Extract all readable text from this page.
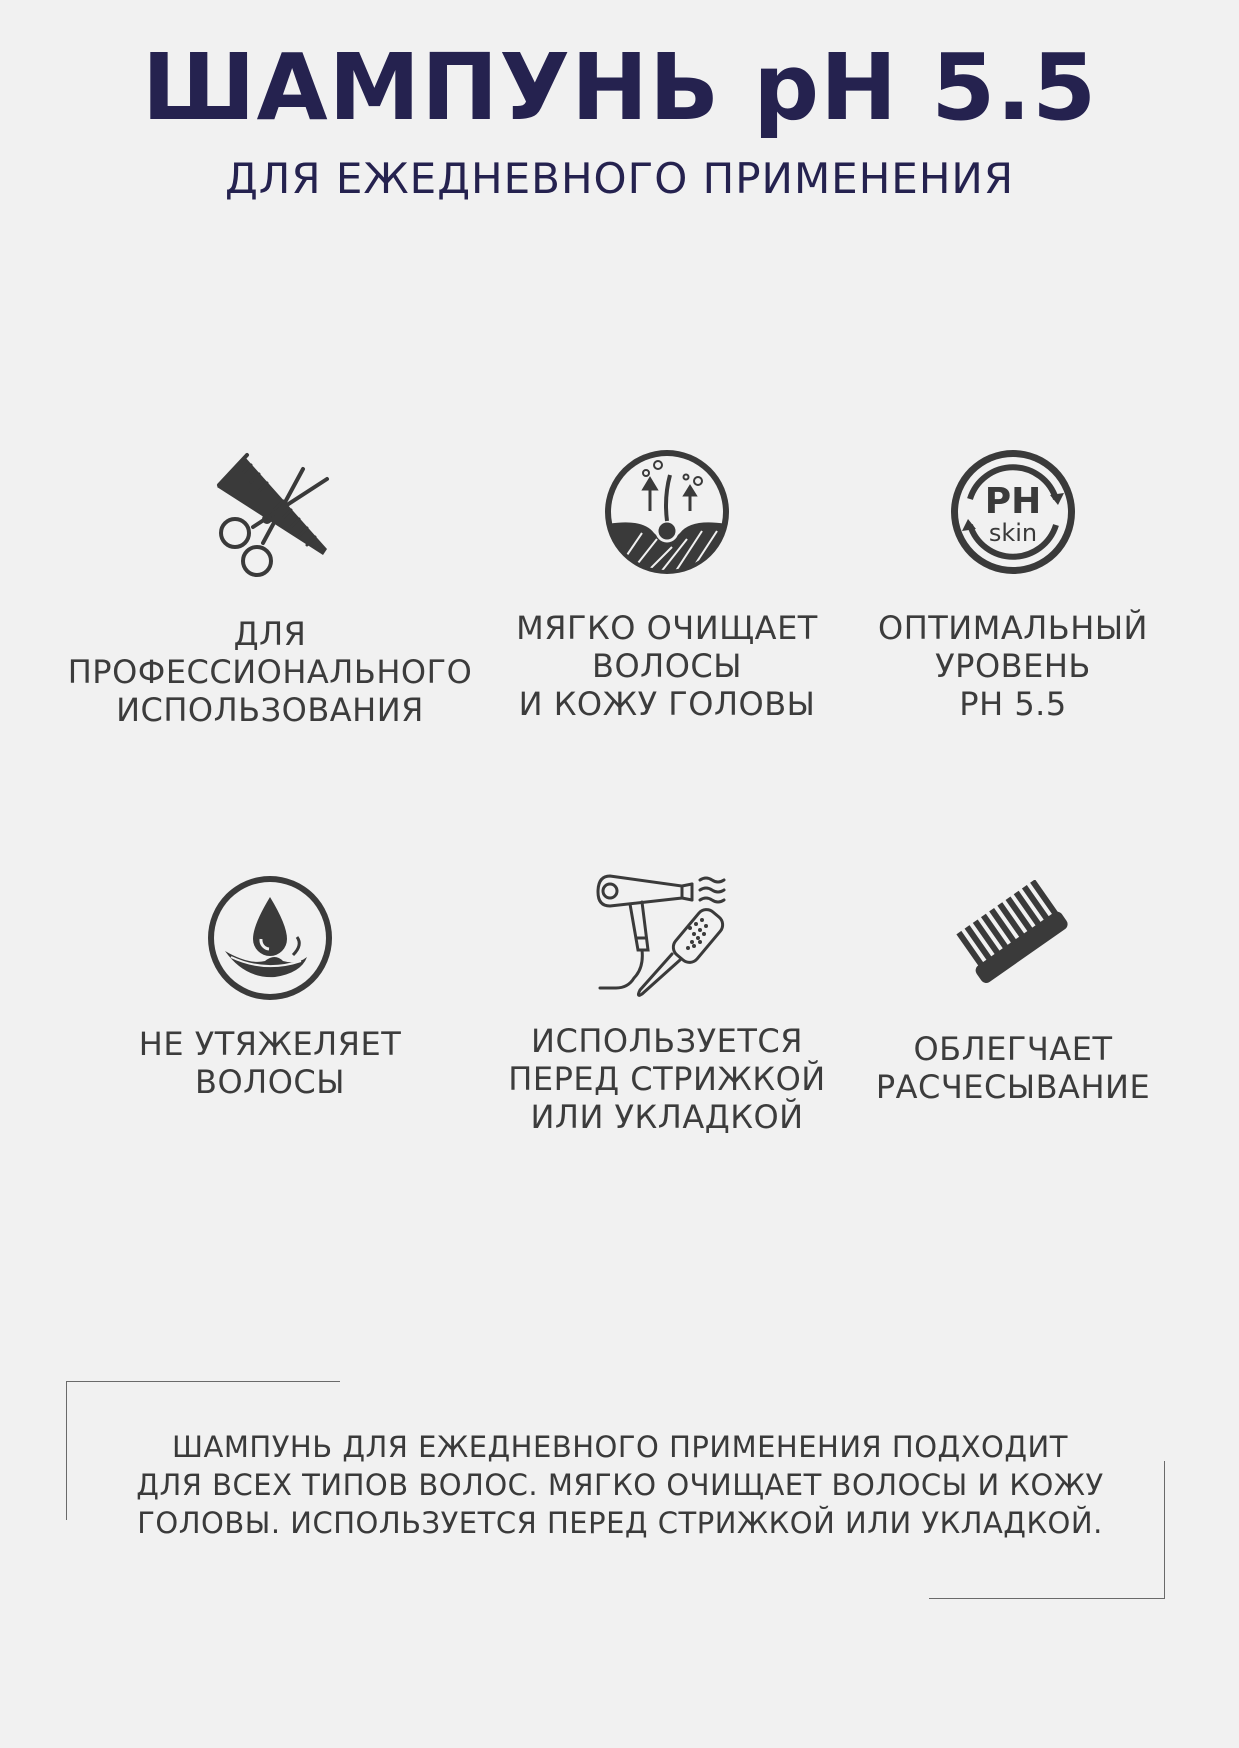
ШАМПУНЬ pH 5.5
ДЛЯ ЕЖЕДНЕВНОГО ПРИМЕНЕНИЯ
ДЛЯ
ПРОФЕССИОНАЛЬНОГО
ИСПОЛЬЗОВАНИЯ
МЯГКО ОЧИЩАЕТ
ВОЛОСЫ
И КОЖУ ГОЛОВЫ
PH
skin
ОПТИМАЛЬНЫЙ
УРОВЕНЬ
PH 5.5
НЕ УТЯЖЕЛЯЕТ
ВОЛОСЫ
ИСПОЛЬЗУЕТСЯ
ПЕРЕД СТРИЖКОЙ
ИЛИ УКЛАДКОЙ
ОБЛЕГЧАЕТ
РАСЧЕСЫВАНИЕ
ШАМПУНЬ ДЛЯ ЕЖЕДНЕВНОГО ПРИМЕНЕНИЯ ПОДХОДИТ
ДЛЯ ВСЕХ ТИПОВ ВОЛОС. МЯГКО ОЧИЩАЕТ ВОЛОСЫ И КОЖУ
ГОЛОВЫ. ИСПОЛЬЗУЕТСЯ ПЕРЕД СТРИЖКОЙ ИЛИ УКЛАДКОЙ.
